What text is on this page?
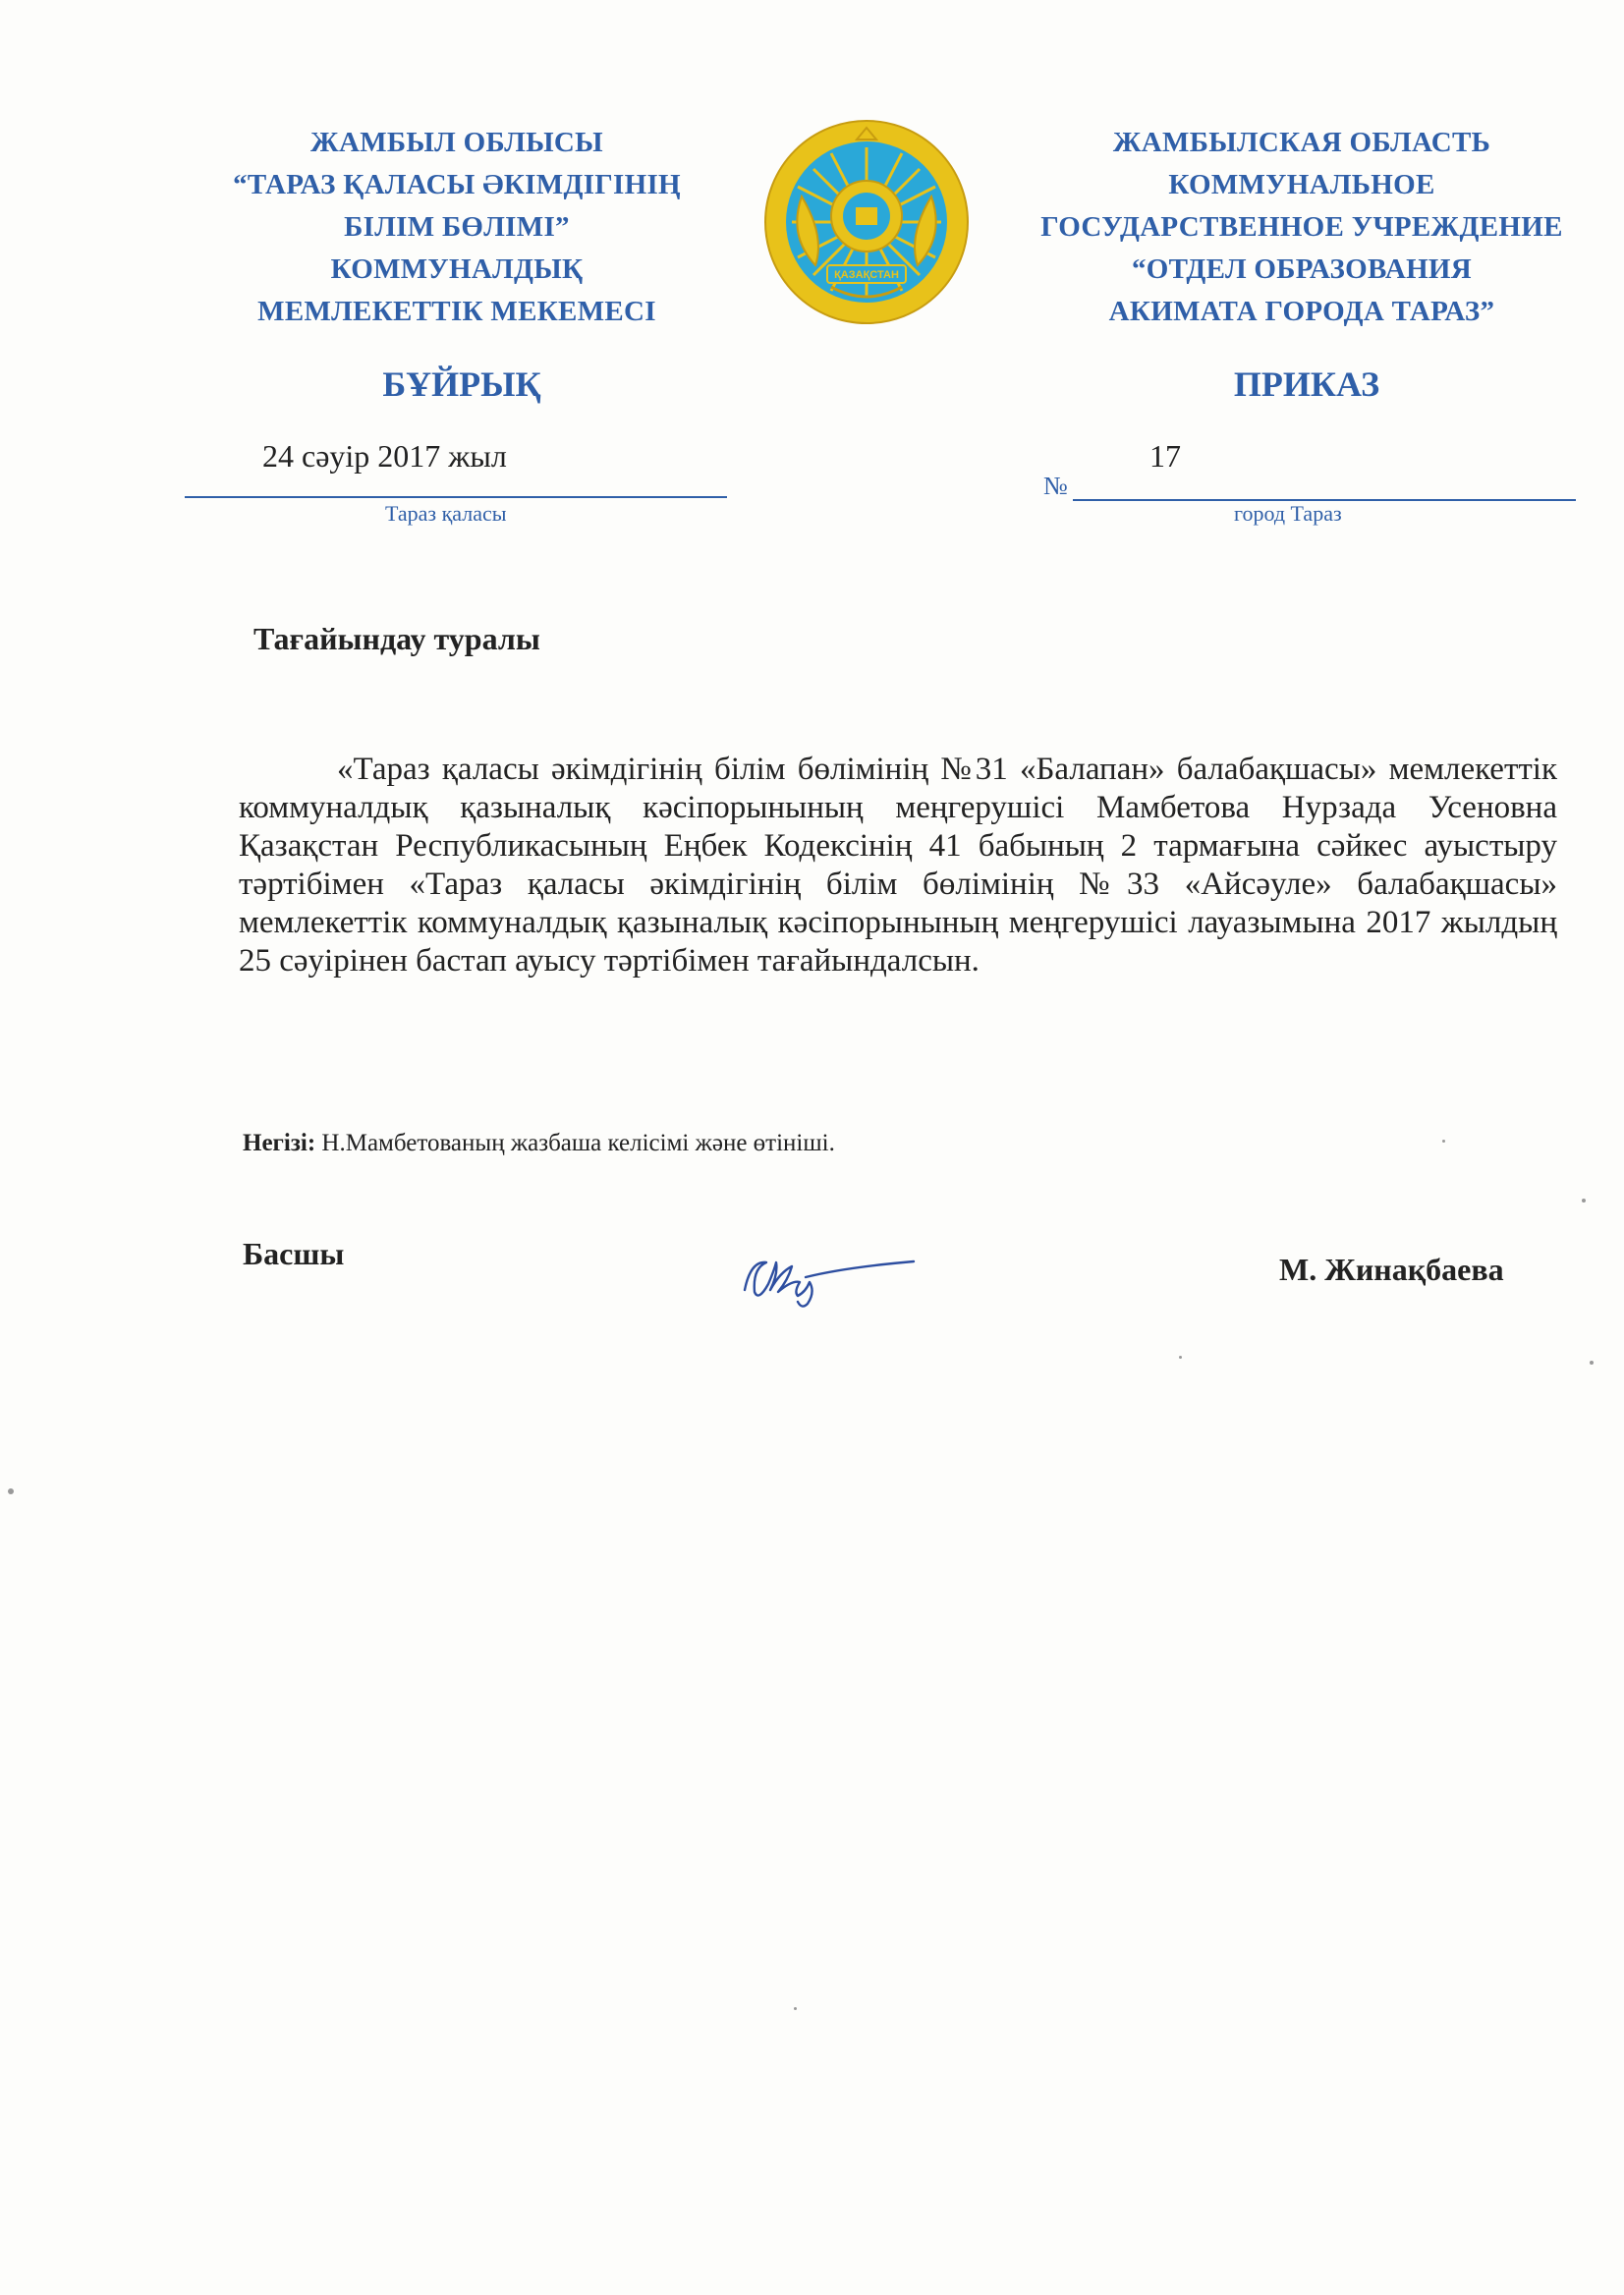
ЖАМБЫЛ ОБЛЫСЫ
“ТАРАЗ ҚАЛАСЫ ӘКІМДІГІНІҢ
БІЛІМ БӨЛІМІ”
КОММУНАЛДЫҚ
МЕМЛЕКЕТТІК МЕКЕМЕСІ
ЖАМБЫЛСКАЯ ОБЛАСТЬ
КОММУНАЛЬНОЕ
ГОСУДАРСТВЕННОЕ УЧРЕЖДЕНИЕ
“ОТДЕЛ ОБРАЗОВАНИЯ
АКИМАТА ГОРОДА ТАРАЗ”
ҚАЗАҚСТАН
БҰЙРЫҚ	ПРИКАЗ
24 сәуір 2017 жыл
Тараз қаласы
№
17
город Тараз
Тағайындау туралы
«Тараз қаласы әкімдігінің білім бөлімінің №31 «Балапан» балабақшасы» мемлекеттік коммуналдық қазыналық кәсіпорынының меңгерушісі Мамбетова Нурзада Усеновна Қазақстан Республикасының Еңбек Кодексінің 41 бабының 2 тармағына сәйкес ауыстыру тәртібімен «Тараз қаласы әкімдігінің білім бөлімінің №33 «Айсәуле» балабақшасы» мемлекеттік коммуналдық қазыналық кәсіпорынының меңгерушісі лауазымына 2017 жылдың 25 сәуірінен бастап ауысу тәртібімен тағайындалсын.
Негізі: Н.Мамбетованың жазбаша келісімі және өтініші.
Басшы	М. Жинақбаева
